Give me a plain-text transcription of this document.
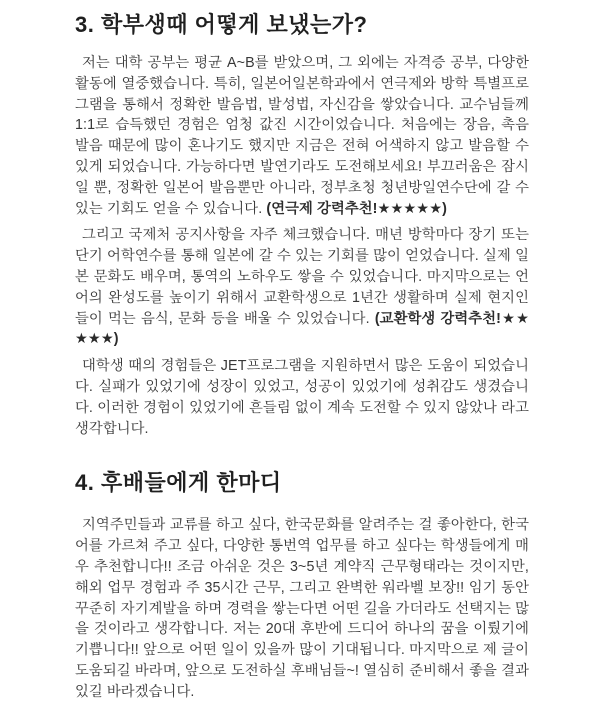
3. 학부생때 어떻게 보냈는가?

저는 대학 공부는 평균 A~B를 받았으며, 그 외에는 자격증 공부, 다양한 활동에 열중했습니다. 특히, 일본어일본학과에서 연극제와 방학 특별프로그램을 통해서 정확한 발음법, 발성법, 자신감을 쌓았습니다. 교수님들께 1:1로 습득했던 경험은 엄청 값진 시간이었습니다. 처음에는 장음, 촉음 발음 때문에 많이 혼나기도 했지만 지금은 전혀 어색하지 않고 발음할 수 있게 되었습니다. 가능하다면 발연기라도 도전해보세요! 부끄러움은 잠시일 뿐, 정확한 일본어 발음뿐만 아니라, 정부초청 청년방일연수단에 갈 수 있는 기회도 얻을 수 있습니다. (연극제 강력추천!★★★★★)

그리고 국제처 공지사항을 자주 체크했습니다. 매년 방학마다 장기 또는 단기 어학연수를 통해 일본에 갈 수 있는 기회를 많이 얻었습니다. 실제 일본 문화도 배우며, 통역의 노하우도 쌓을 수 있었습니다. 마지막으로는 언어의 완성도를 높이기 위해서 교환학생으로 1년간 생활하며 실제 현지인들이 먹는 음식, 문화 등을 배울 수 있었습니다. (교환학생 강력추천!★★★★★)

대학생 때의 경험들은 JET프로그램을 지원하면서 많은 도움이 되었습니다. 실패가 있었기에 성장이 있었고, 성공이 있었기에 성취감도 생겼습니다. 이러한 경험이 있었기에 흔들림 없이 계속 도전할 수 있지 않았나 라고 생각합니다.

4. 후배들에게 한마디

지역주민들과 교류를 하고 싶다, 한국문화를 알려주는 걸 좋아한다, 한국어를 가르쳐 주고 싶다, 다양한 통번역 업무를 하고 싶다는 학생들에게 매우 추천합니다!! 조금 아쉬운 것은 3~5년 계약직 근무형태라는 것이지만, 해외 업무 경험과 주 35시간 근무, 그리고 완벽한 워라벨 보장!! 임기 동안 꾸준히 자기계발을 하며 경력을 쌓는다면 어떤 길을 가더라도 선택지는 많을 것이라고 생각합니다. 저는 20대 후반에 드디어 하나의 꿈을 이뤘기에 기쁩니다!! 앞으로 어떤 일이 있을까 많이 기대됩니다. 마지막으로 제 글이 도움되길 바라며, 앞으로 도전하실 후배님들~! 열심히 준비해서 좋을 결과 있길 바라겠습니다.
